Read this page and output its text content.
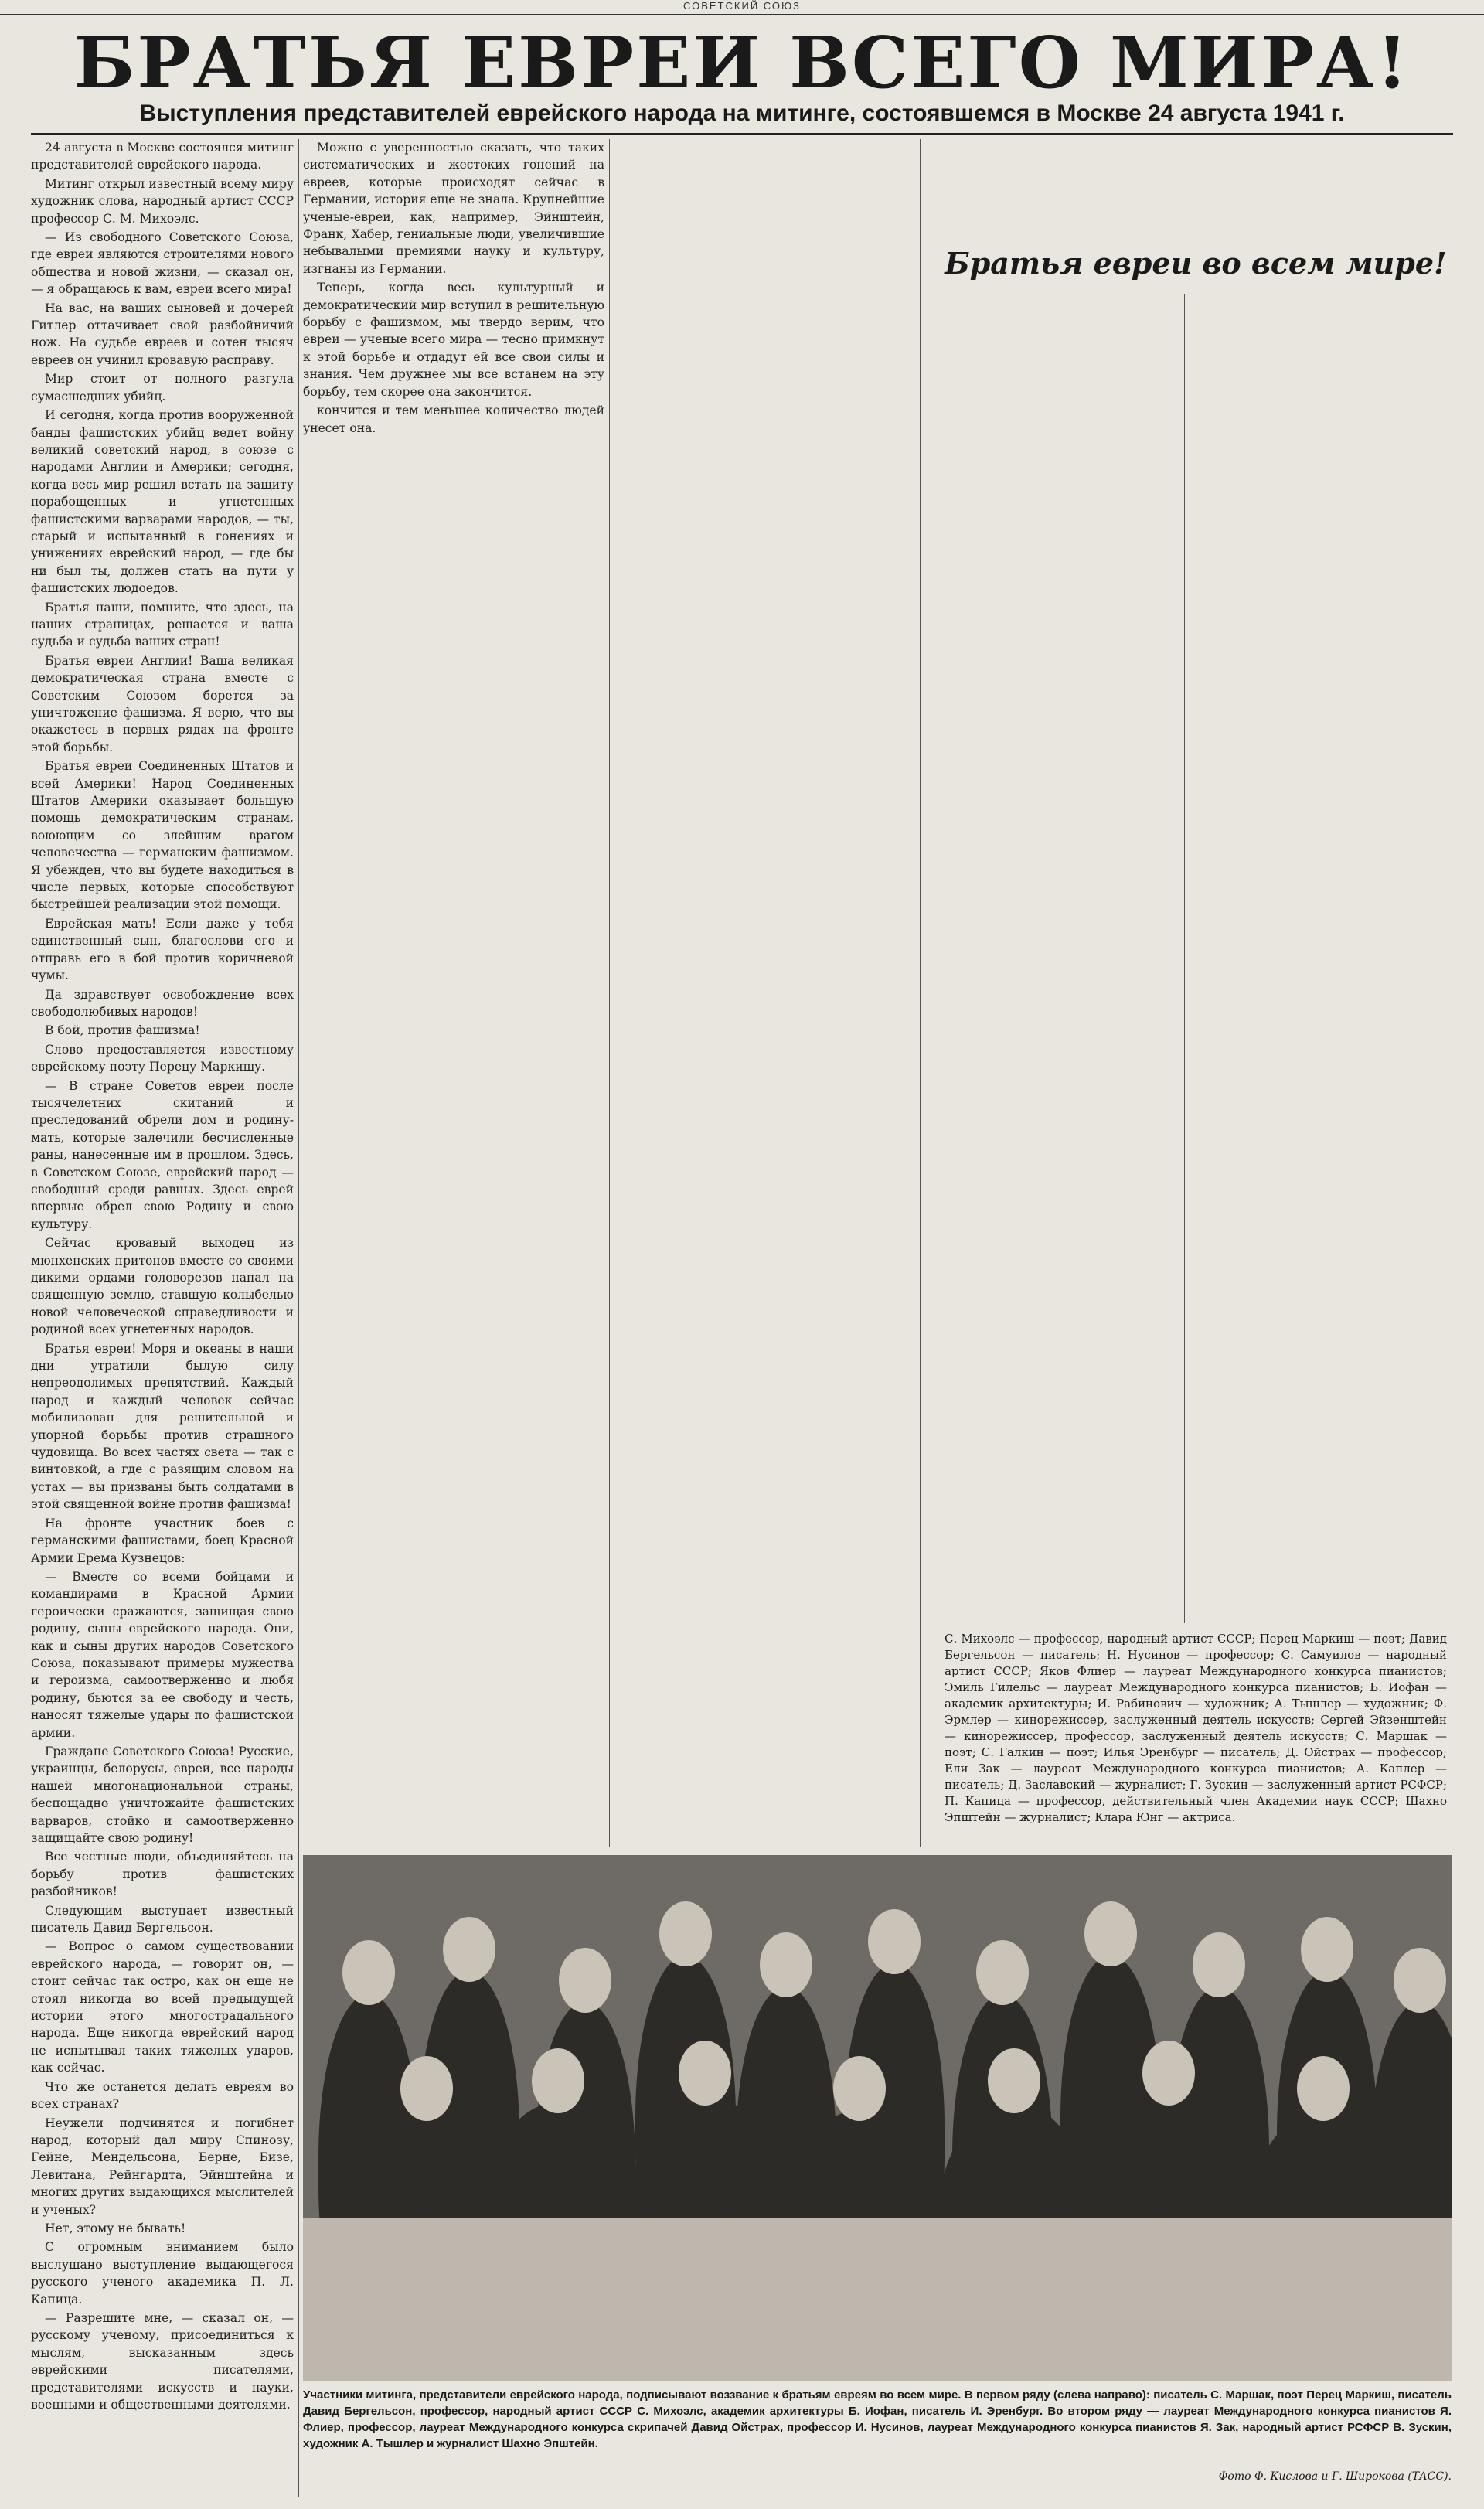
СОВЕТСКИЙ СОЮЗ
БРАТЬЯ ЕВРЕИ ВСЕГО МИРА!
Выступления представителей еврейского народа на митинге, состоявшемся в Москве 24 августа 1941 г.

24 августа в Москве состоялся митинг представителей еврейского народа.

Митинг открыл известный всему миру художник слова, народный артист СССР профессор С. М. Михоэлс.

— Из свободного Советского Союза, где евреи являются строителями нового общества и новой жизни, — сказал он, — я обращаюсь к вам, евреи всего мира!

На вас, на ваших сыновей и дочерей Гитлер оттачивает свой разбойничий нож. На судьбе евреев и сотен тысяч евреев он учинил кровавую расправу.

Мир стоит от полного разгула сумасшедших убийц.

И сегодня, когда против вооруженной банды фашистских убийц ведет войну великий советский народ, в союзе с народами Англии и Америки; сегодня, когда весь мир решил встать на защиту порабощенных и угнетенных фашистскими варварами народов, — ты, старый и испытанный в гонениях и унижениях еврейский народ, — где бы ни был ты, должен стать на пути у фашистских людоедов.

Братья наши, помните, что здесь, на наших страницах, решается и ваша судьба и судьба ваших стран!

Братья евреи Англии! Ваша великая демократическая страна вместе с Советским Союзом борется за уничтожение фашизма. Я верю, что вы окажетесь в первых рядах на фронте этой борьбы.

Братья евреи Соединенных Штатов и всей Америки! Народ Соединенных Штатов Америки оказывает большую помощь демократическим странам, воюющим со злейшим врагом человечества — германским фашизмом. Я убежден, что вы будете находиться в числе первых, которые способствуют быстрейшей реализации этой помощи.

Еврейская мать! Если даже у тебя единственный сын, благослови его и отправь его в бой против коричневой чумы.

Да здравствует освобождение всех свободолюбивых народов!

В бой, против фашизма!

Слово предоставляется известному еврейскому поэту Перецу Маркишу.

— В стране Советов евреи после тысячелетних скитаний и преследований обрели дом и родину-мать, которые залечили бесчисленные раны, нанесенные им в прошлом. Здесь, в Советском Союзе, еврейский народ — свободный среди равных. Здесь еврей впервые обрел свою Родину и свою культуру.

Сейчас кровавый выходец из мюнхенских притонов вместе со своими дикими ордами головорезов напал на священную землю, ставшую колыбелью новой человеческой справедливости и родиной всех угнетенных народов.

Братья евреи! Моря и океаны в наши дни утратили былую силу непреодолимых препятствий. Каждый народ и каждый человек сейчас мобилизован для решительной и упорной борьбы против страшного чудовища. Во всех частях света — так с винтовкой, а где с разящим словом на устах — вы призваны быть солдатами в этой священной войне против фашизма!

На фронте участник боев с германскими фашистами, боец Красной Армии Ерема Кузнецов:

— Вместе со всеми бойцами и командирами в Красной Армии героически сражаются, защищая свою родину, сыны еврейского народа. Они, как и сыны других народов Советского Союза, показывают примеры мужества и героизма, самоотверженно и любя родину, бьются за ее свободу и честь, наносят тяжелые удары по фашистской армии.

Граждане Советского Союза! Русские, украинцы, белорусы, евреи, все народы нашей многонациональной страны, беспощадно уничтожайте фашистских варваров, стойко и самоотверженно защищайте свою родину!

Все честные люди, объединяйтесь на борьбу против фашистских разбойников!

Следующим выступает известный писатель Давид Бергельсон.

— Вопрос о самом существовании еврейского народа, — говорит он, — стоит сейчас так остро, как он еще не стоял никогда во всей предыдущей истории этого многострадального народа. Еще никогда еврейский народ не испытывал таких тяжелых ударов, как сейчас.

Что же останется делать евреям во всех странах?

Неужели подчинятся и погибнет народ, который дал миру Спинозу, Гейне, Мендельсона, Берне, Бизе, Левитана, Рейнгардта, Эйнштейна и многих других выдающихся мыслителей и ученых?

Нет, этому не бывать!

С огромным вниманием было выслушано выступление выдающегося русского ученого академика П. Л. Капица.

— Разрешите мне, — сказал он, — русскому ученому, присоединиться к мыслям, высказанным здесь еврейскими писателями, представителями искусств и науки, военными и общественными деятелями.

Можно с уверенностью сказать, что таких систематических и жестоких гонений на евреев, которые происходят сейчас в Германии, история еще не знала. Крупнейшие ученые-евреи, как, например, Эйнштейн, Франк, Хабер, гениальные люди, увеличившие небывалыми премиями науку и культуру, изгнаны из Германии.

Теперь, когда весь культурный и демократический мир вступил в решительную борьбу с фашизмом, мы твердо верим, что евреи — ученые всего мира — тесно примкнут к этой борьбе и отдадут ей все свои силы и знания. Чем дружнее мы все встанем на эту борьбу, тем скорее она закончится.

кончится и тем меньшее количество людей унесет она.

Братья евреи во всем мире!
С. Михоэлс — профессор, народный артист СССР; Перец Маркиш — поэт; Давид Бергельсон — писатель; Н. Нусинов — профессор; С. Самуилов — народный артист СССР; Яков Флиер — лауреат Международного конкурса пианистов; Эмиль Гилельс — лауреат Международного конкурса пианистов; Б. Иофан — академик архитектуры; И. Рабинович — художник; А. Тышлер — художник; Ф. Эрмлер — кинорежиссер, заслуженный деятель искусств; Сергей Эйзенштейн — кинорежиссер, профессор, заслуженный деятель искусств; С. Маршак — поэт; С. Галкин — поэт; Илья Эренбург — писатель; Д. Ойстрах — профессор; Ели Зак — лауреат Международного конкурса пианистов; А. Каплер — писатель; Д. Заславский — журналист; Г. Зускин — заслуженный артист РСФСР; П. Капица — профессор, действительный член Академии наук СССР; Шахно Эпштейн — журналист; Клара Юнг — актриса.
Участники митинга, представители еврейского народа, подписывают воззвание к братьям евреям во всем мире. В первом ряду (слева направо): писатель С. Маршак, поэт Перец Маркиш, писатель Давид Бергельсон, профессор, народный артист СССР С. Михоэлс, академик архитектуры Б. Иофан, писатель И. Эренбург. Во втором ряду — лауреат Международного конкурса пианистов Я. Флиер, профессор, лауреат Международного конкурса скрипачей Давид Ойстрах, профессор И. Нусинов, лауреат Международного конкурса пианистов Я. Зак, народный артист РСФСР В. Зускин, художник А. Тышлер и журналист Шахно Эпштейн.
Фото Ф. Кислова и Г. Широкова (ТАСС).
